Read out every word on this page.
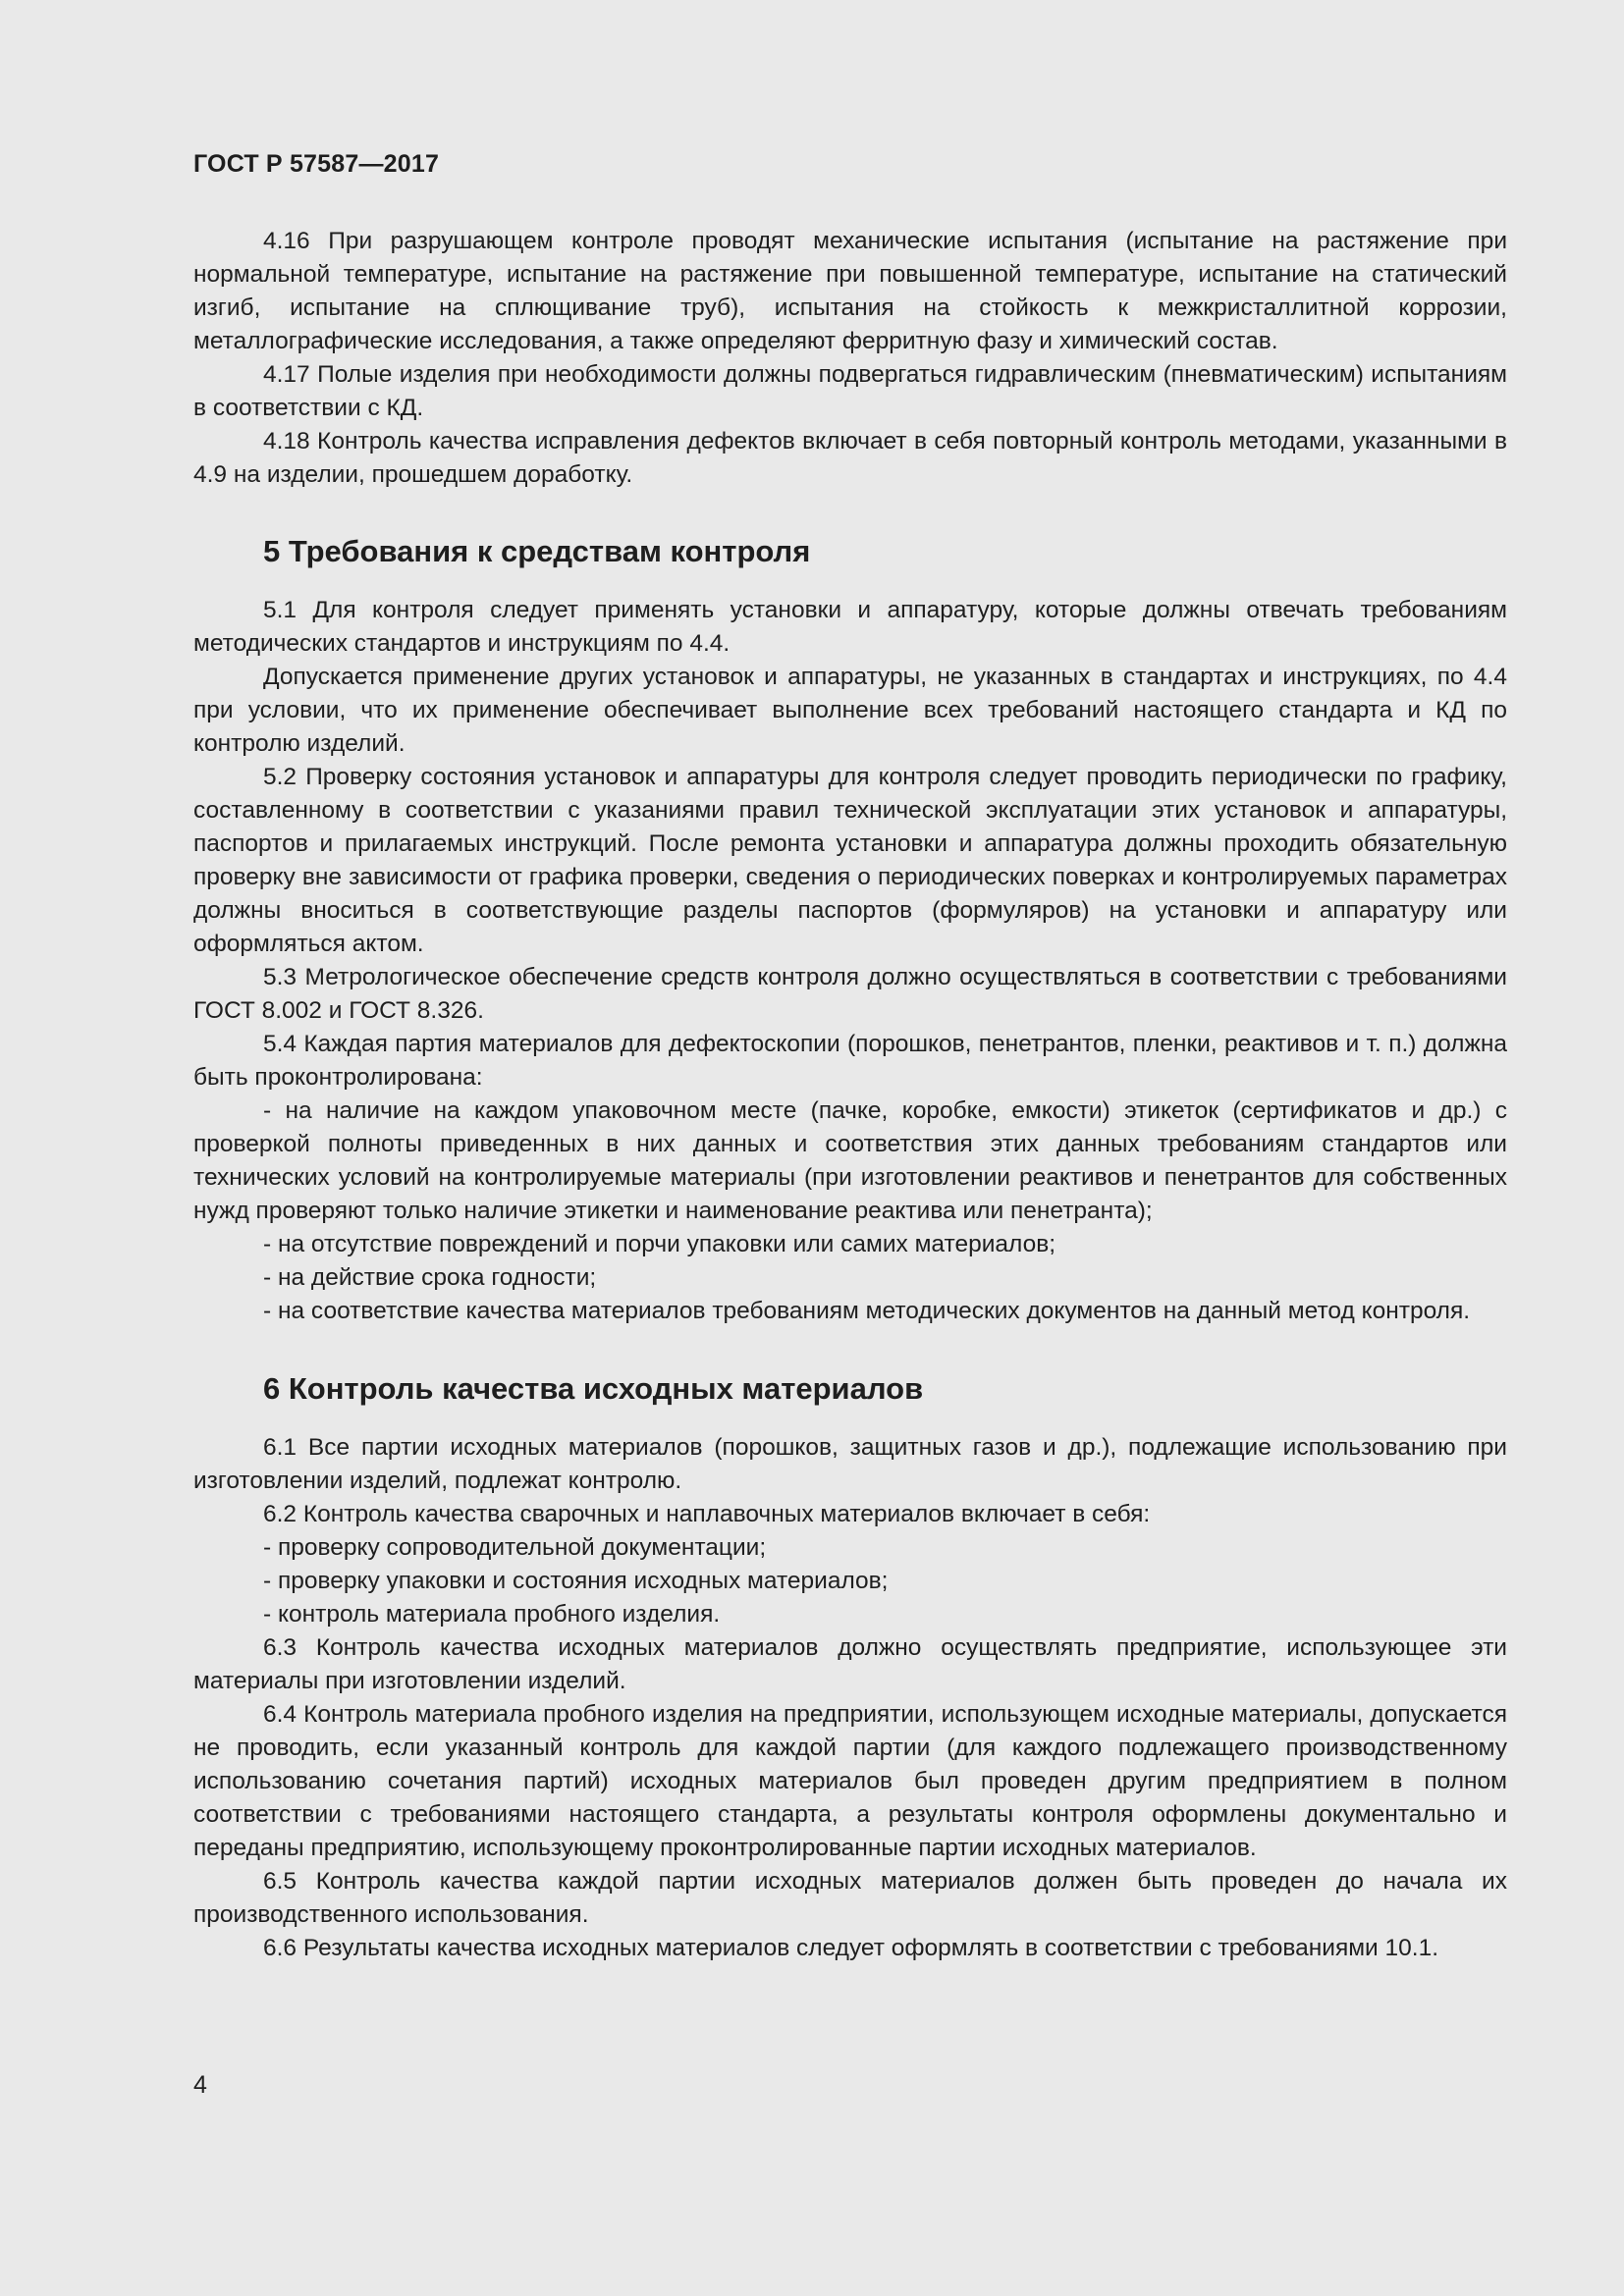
ГОСТ Р 57587—2017

4.16 При разрушающем контроле проводят механические испытания (испытание на растяжение при нормальной температуре, испытание на растяжение при повышенной температуре, испытание на статический изгиб, испытание на сплющивание труб), испытания на стойкость к межкристаллитной коррозии, металлографические исследования, а также определяют ферритную фазу и химический состав.

4.17 Полые изделия при необходимости должны подвергаться гидравлическим (пневматическим) испытаниям в соответствии с КД.

4.18 Контроль качества исправления дефектов включает в себя повторный контроль методами, указанными в 4.9 на изделии, прошедшем доработку.

5 Требования к средствам контроля

5.1 Для контроля следует применять установки и аппаратуру, которые должны отвечать требованиям методических стандартов и инструкциям по 4.4.

Допускается применение других установок и аппаратуры, не указанных в стандартах и инструкциях, по 4.4 при условии, что их применение обеспечивает выполнение всех требований настоящего стандарта и КД по контролю изделий.

5.2 Проверку состояния установок и аппаратуры для контроля следует проводить периодически по графику, составленному в соответствии с указаниями правил технической эксплуатации этих установок и аппаратуры, паспортов и прилагаемых инструкций. После ремонта установки и аппаратура должны проходить обязательную проверку вне зависимости от графика проверки, сведения о периодических поверках и контролируемых параметрах должны вноситься в соответствующие разделы паспортов (формуляров) на установки и аппаратуру или оформляться актом.

5.3 Метрологическое обеспечение средств контроля должно осуществляться в соответствии с требованиями ГОСТ 8.002 и ГОСТ 8.326.

5.4 Каждая партия материалов для дефектоскопии (порошков, пенетрантов, пленки, реактивов и т. п.) должна быть проконтролирована:

- на наличие на каждом упаковочном месте (пачке, коробке, емкости) этикеток (сертификатов и др.) с проверкой полноты приведенных в них данных и соответствия этих данных требованиям стандартов или технических условий на контролируемые материалы (при изготовлении реактивов и пенетрантов для собственных нужд проверяют только наличие этикетки и наименование реактива или пенетранта);

- на отсутствие повреждений и порчи упаковки или самих материалов;

- на действие срока годности;

- на соответствие качества материалов требованиям методических документов на данный метод контроля.

6 Контроль качества исходных материалов

6.1 Все партии исходных материалов (порошков, защитных газов и др.), подлежащие использованию при изготовлении изделий, подлежат контролю.

6.2 Контроль качества сварочных и наплавочных материалов включает в себя:

- проверку сопроводительной документации;

- проверку упаковки и состояния исходных материалов;

- контроль материала пробного изделия.

6.3 Контроль качества исходных материалов должно осуществлять предприятие, использующее эти материалы при изготовлении изделий.

6.4 Контроль материала пробного изделия на предприятии, использующем исходные материалы, допускается не проводить, если указанный контроль для каждой партии (для каждого подлежащего производственному использованию сочетания партий) исходных материалов был проведен другим предприятием в полном соответствии с требованиями настоящего стандарта, а результаты контроля оформлены документально и переданы предприятию, использующему проконтролированные партии исходных материалов.

6.5 Контроль качества каждой партии исходных материалов должен быть проведен до начала их производственного использования.

6.6 Результаты качества исходных материалов следует оформлять в соответствии с требованиями 10.1.

4
